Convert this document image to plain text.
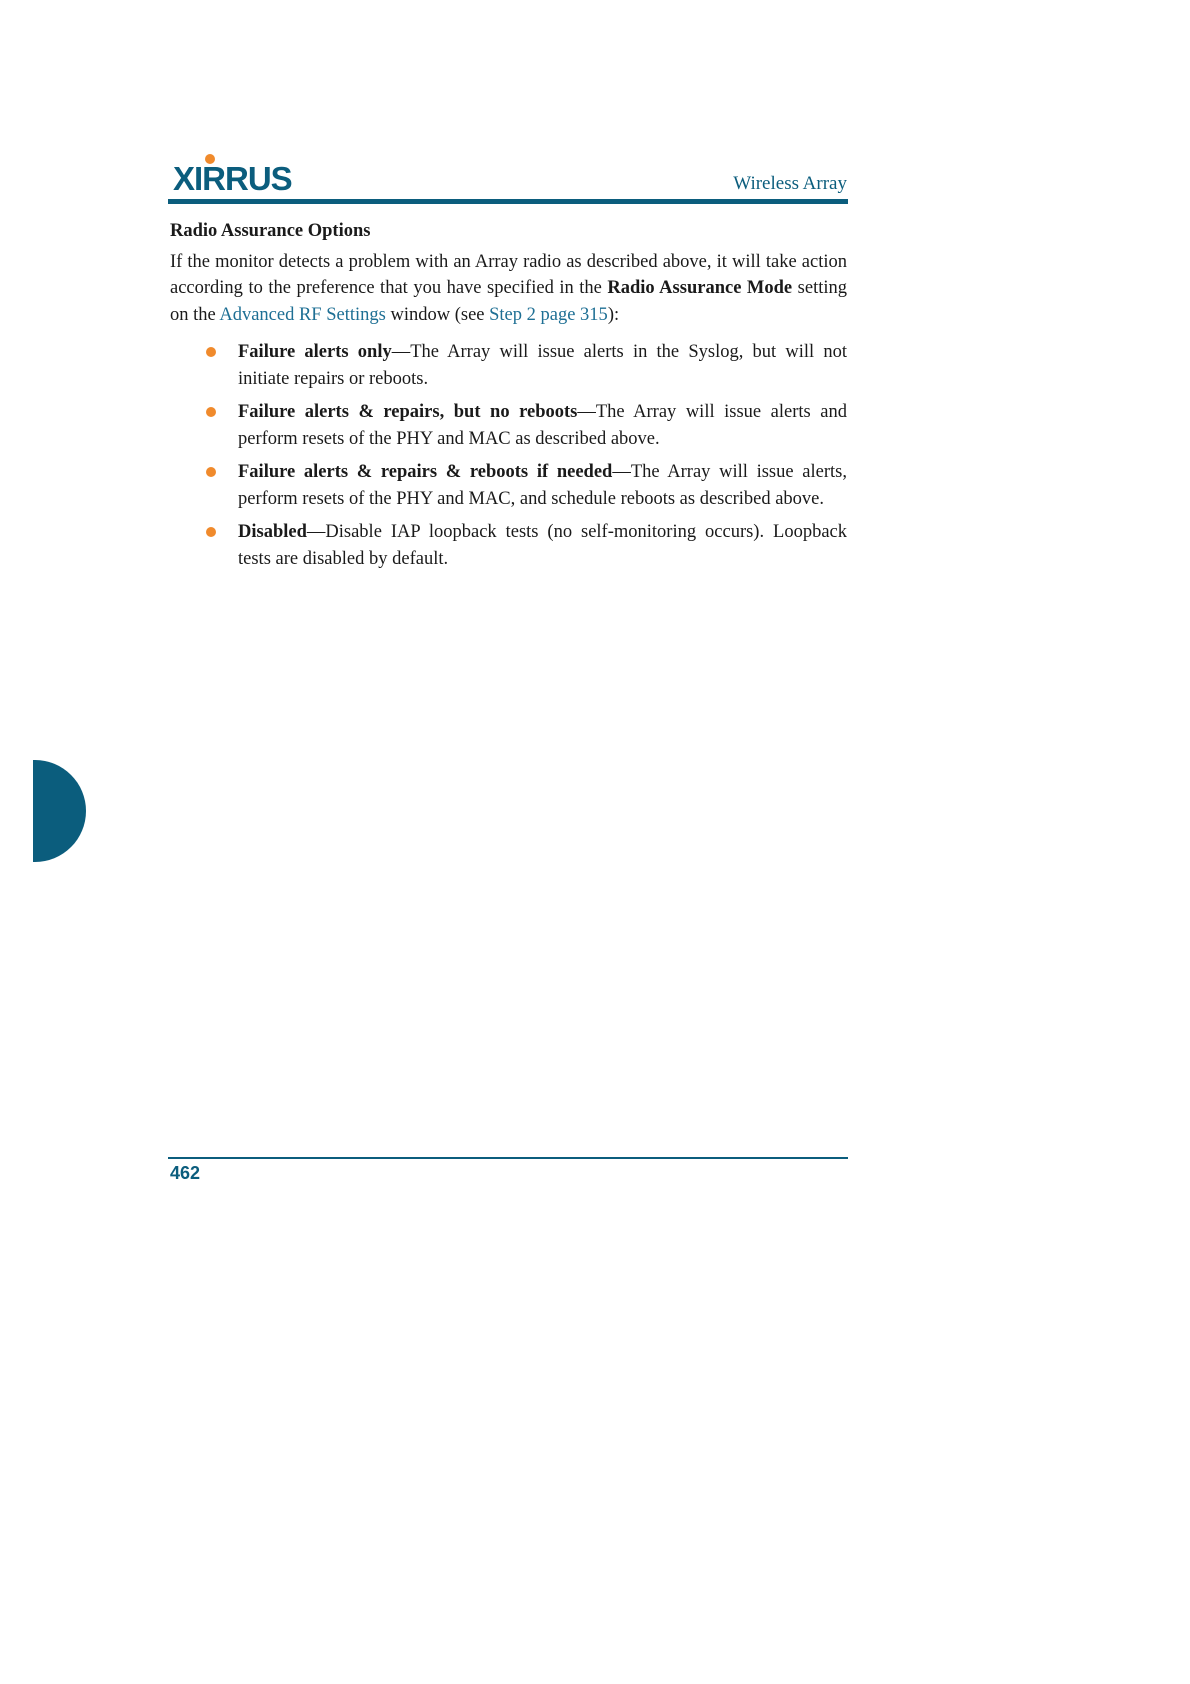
XIRRUS	Wireless Array
Radio Assurance Options

If the monitor detects a problem with an Array radio as described above, it will take action according to the preference that you have specified in the Radio Assurance Mode setting on the Advanced RF Settings window (see Step 2 page 315):

Failure alerts only—The Array will issue alerts in the Syslog, but will not initiate repairs or reboots.
Failure alerts & repairs, but no reboots—The Array will issue alerts and perform resets of the PHY and MAC as described above.
Failure alerts & repairs & reboots if needed—The Array will issue alerts, perform resets of the PHY and MAC, and schedule reboots as described above.
Disabled—Disable IAP loopback tests (no self-monitoring occurs). Loopback tests are disabled by default.
462
